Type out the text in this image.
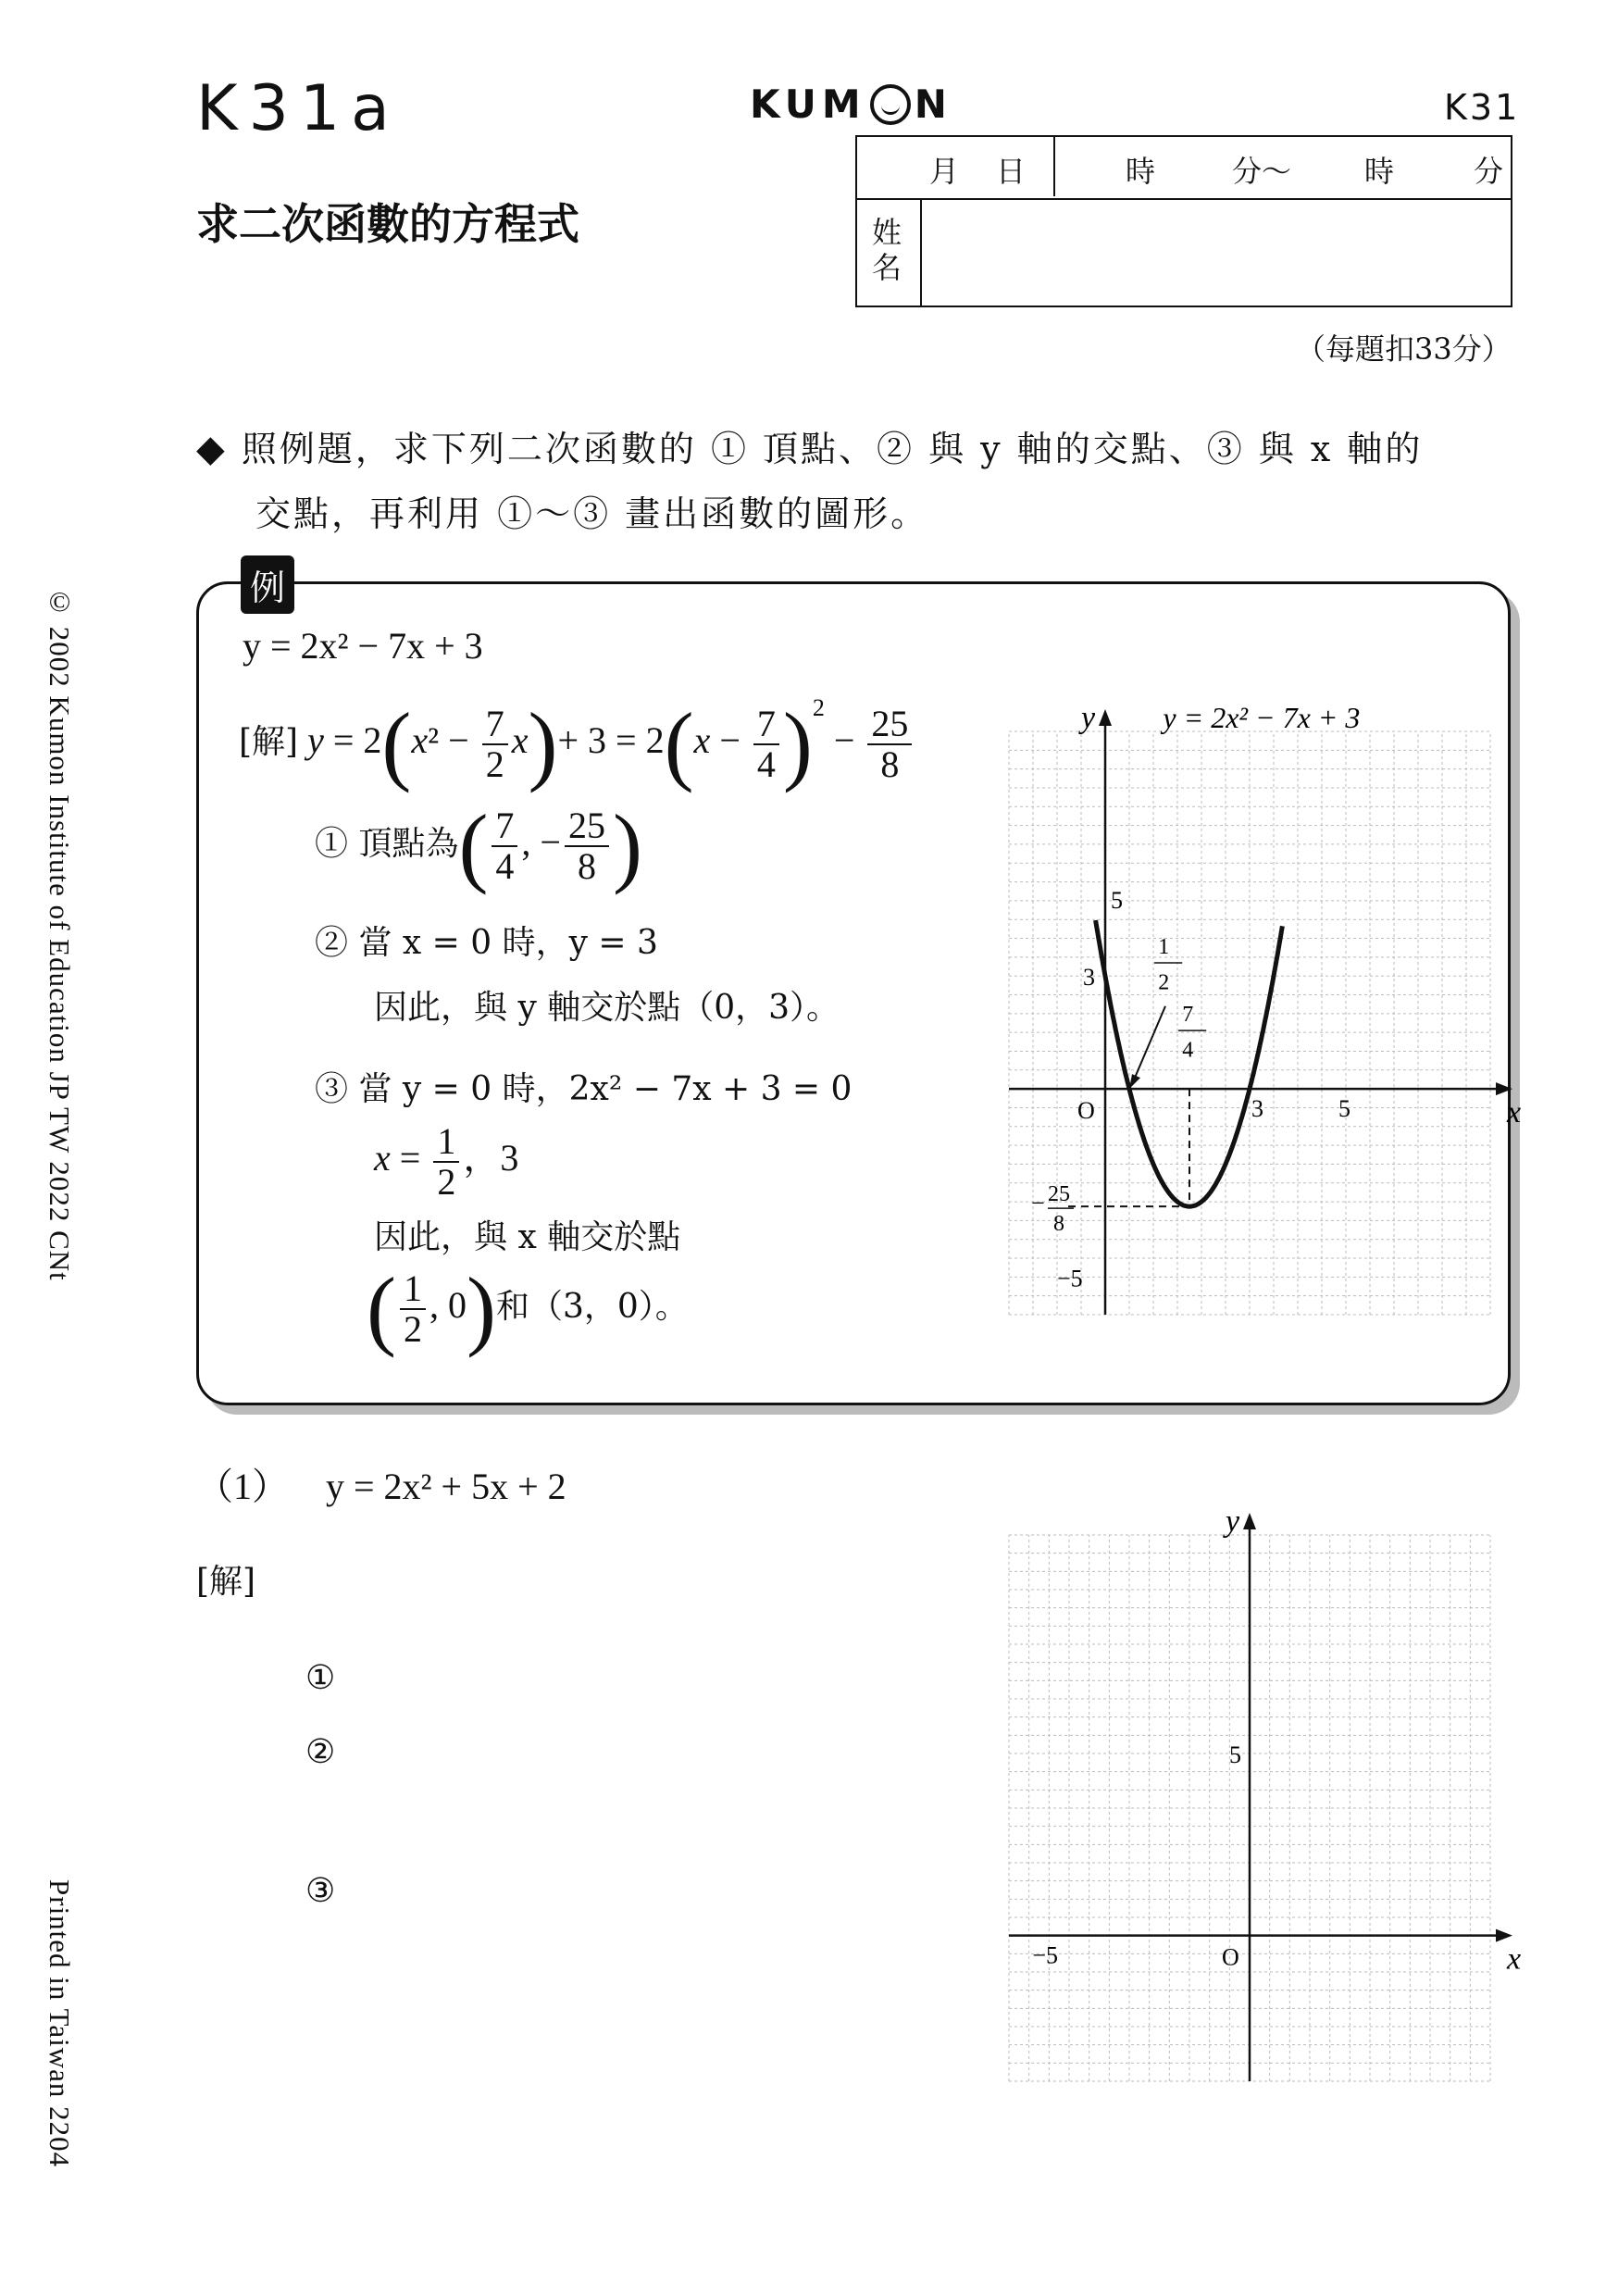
K31a	KUM N	K31
求二次函數的方程式
月 日	時	分～ 時	分
姓名
（每題扣33分）
© 2002 Kumon Institute of Education JP TW 2022 CNt
Printed in Taiwan 2204
◆ 照例題，求下列二次函數的 ① 頂點、② 與 y 軸的交點、③ 與 x 軸的
交點，再利用 ①～③ 畫出函數的圖形。
例
y = 2x² − 7x + 3
[解] $y = 2(x^2 - \frac{7}{2} x)+ 3 = 2(x - \frac{7}{4} )^2 - \frac{25}{8}$
① 頂點為( $\frac{7}{4}$ , − $\frac{25}{8}$ )
② 當 x = 0 時，y = 3
因此，與 y 軸交於點（0，3）。
③ 當 y = 0 時，2x² − 7x + 3 = 0
$x = \frac{1}{2}$ ，3
因此，與 x 軸交於點
( $\frac{1}{2}$ , 0)和（3，0）。
x
y
O	3	5
5
3
− 25
8
−5
1
2
7
4
y = 2x² − 7x + 3
（1） y = 2x² + 5x + 2
[解]
①
②
③
x
y
O
−5
5
